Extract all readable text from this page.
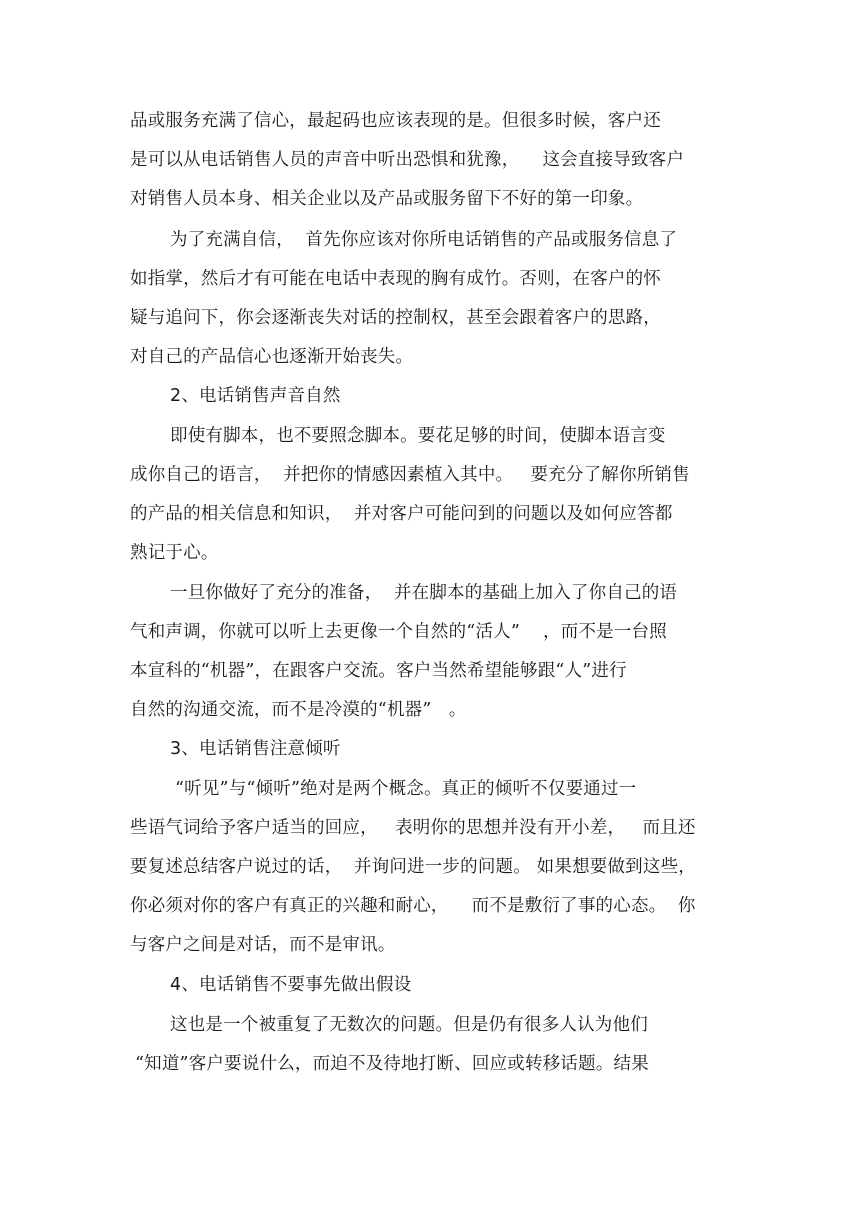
品或服务充满了信心，最起码也应该表现的是。但很多时候，客户还
是可以从电话销售人员的声音中听出恐惧和犹豫，    这会直接导致客户
对销售人员本身、相关企业以及产品或服务留下不好的第一印象。
为了充满自信，  首先你应该对你所电话销售的产品或服务信息了
如指掌，然后才有可能在电话中表现的胸有成竹。否则，在客户的怀
疑与追问下，你会逐渐丧失对话的控制权，甚至会跟着客户的思路，
对自己的产品信心也逐渐开始丧失。
2、电话销售声音自然
即使有脚本，也不要照念脚本。要花足够的时间，使脚本语言变
成你自己的语言，  并把你的情感因素植入其中。   要充分了解你所销售
的产品的相关信息和知识，  并对客户可能问到的问题以及如何应答都
熟记于心。
一旦你做好了充分的准备，  并在脚本的基础上加入了你自己的语
气和声调，你就可以听上去更像一个自然的“活人”    ，而不是一台照
本宣科的“机器”，在跟客户交流。客户当然希望能够跟“人”进行
自然的沟通交流，而不是冷漠的“机器”   。
3、电话销售注意倾听
“听见”与“倾听”绝对是两个概念。真正的倾听不仅要通过一
些语气词给予客户适当的回应，   表明你的思想并没有开小差，   而且还
要复述总结客户说过的话，  并询问进一步的问题。 如果想要做到这些，
你必须对你的客户有真正的兴趣和耐心，    而不是敷衍了事的心态。  你
与客户之间是对话，而不是审讯。
4、电话销售不要事先做出假设
这也是一个被重复了无数次的问题。但是仍有很多人认为他们
“知道”客户要说什么，而迫不及待地打断、回应或转移话题。结果
